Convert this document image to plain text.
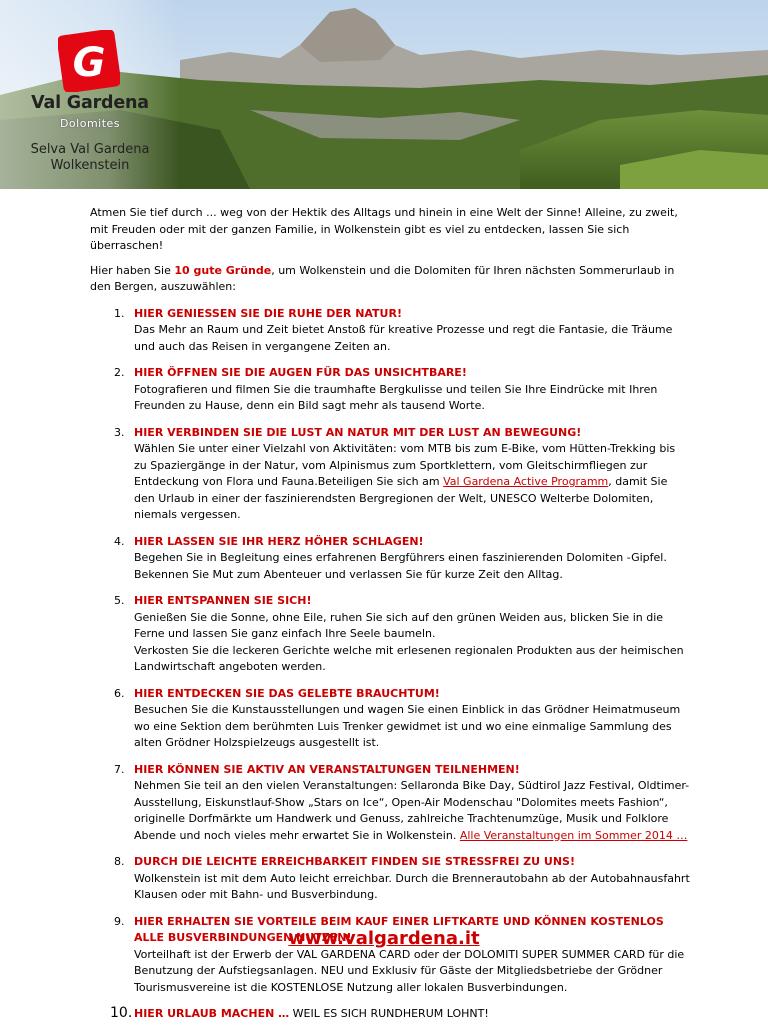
G
Val Gardena
Dolomites
Selva Val Gardena
Wolkenstein

Atmen Sie tief durch ... weg von der Hektik des Alltags und hinein in eine Welt der Sinne! Alleine, zu zweit, mit Freuden oder mit der ganzen Familie, in Wolkenstein gibt es viel zu entdecken, lassen Sie sich überraschen!

Hier haben Sie 10 gute Gründe, um Wolkenstein und die Dolomiten für Ihren nächsten Sommerurlaub in den Bergen, auszuwählen:

1. HIER GENIESSEN SIE DIE RUHE DER NATUR!
Das Mehr an Raum und Zeit bietet Anstoß für kreative Prozesse und regt die Fantasie, die Träume und auch das Reisen in vergangene Zeiten an.
2. HIER ÖFFNEN SIE DIE AUGEN FÜR DAS UNSICHTBARE!
Fotografieren und filmen Sie die traumhafte Bergkulisse und teilen Sie Ihre Eindrücke mit Ihren Freunden zu Hause, denn ein Bild sagt mehr als tausend Worte.
3. HIER VERBINDEN SIE DIE LUST AN NATUR MIT DER LUST AN BEWEGUNG!
Wählen Sie unter einer Vielzahl von Aktivitäten: vom MTB bis zum E-Bike, vom Hütten-Trekking bis zu Spaziergänge in der Natur, vom Alpinismus zum Sportklettern, vom Gleitschirmfliegen zur Entdeckung von Flora und Fauna.Beteiligen Sie sich am Val Gardena Active Programm, damit Sie den Urlaub in einer der faszinierendsten Bergregionen der Welt, UNESCO Welterbe Dolomiten, niemals vergessen.
4. HIER LASSEN SIE IHR HERZ HÖHER SCHLAGEN!
Begehen Sie in Begleitung eines erfahrenen Bergführers einen faszinierenden Dolomiten -Gipfel. Bekennen Sie Mut zum Abenteuer und verlassen Sie für kurze Zeit den Alltag.
5. HIER ENTSPANNEN SIE SICH!
Genießen Sie die Sonne, ohne Eile, ruhen Sie sich auf den grünen Weiden aus, blicken Sie in die Ferne und lassen Sie ganz einfach Ihre Seele baumeln.
Verkosten Sie die leckeren Gerichte welche mit erlesenen regionalen Produkten aus der heimischen Landwirtschaft angeboten werden.
6. HIER ENTDECKEN SIE DAS GELEBTE BRAUCHTUM!
Besuchen Sie die Kunstausstellungen und wagen Sie einen Einblick in das Grödner Heimatmuseum wo eine Sektion dem berühmten Luis Trenker gewidmet ist und wo eine einmalige Sammlung des alten Grödner Holzspielzeugs ausgestellt ist.
7. HIER KÖNNEN SIE AKTIV AN VERANSTALTUNGEN TEILNEHMEN!
Nehmen Sie teil an den vielen Veranstaltungen: Sellaronda Bike Day, Südtirol Jazz Festival, Oldtimer-Ausstellung, Eiskunstlauf-Show „Stars on Ice“, Open-Air Modenschau "Dolomites meets Fashion“, originelle Dorfmärkte um Handwerk und Genuss, zahlreiche Trachtenumzüge, Musik und Folklore Abende und noch vieles mehr erwartet Sie in Wolkenstein. Alle Veranstaltungen im Sommer 2014 …
8. DURCH DIE LEICHTE ERREICHBARKEIT FINDEN SIE STRESSFREI ZU UNS!
Wolkenstein ist mit dem Auto leicht erreichbar. Durch die Brennerautobahn ab der Autobahnausfahrt Klausen oder mit Bahn- und Busverbindung.
9. HIER ERHALTEN SIE VORTEILE BEIM KAUF EINER LIFTKARTE UND KÖNNEN KOSTENLOS ALLE BUSVERBINDUNGEN NUTZEN!
Vorteilhaft ist der Erwerb der VAL GARDENA CARD oder der DOLOMITI SUPER SUMMER CARD für die Benutzung der Aufstiegsanlagen. NEU und Exklusiv für Gäste der Mitgliedsbetriebe der Grödner Tourismusvereine ist die KOSTENLOSE Nutzung aller lokalen Busverbindungen.
10. HIER URLAUB MACHEN … WEIL ES SICH RUNDHERUM LOHNT!
www.valgardena.it
